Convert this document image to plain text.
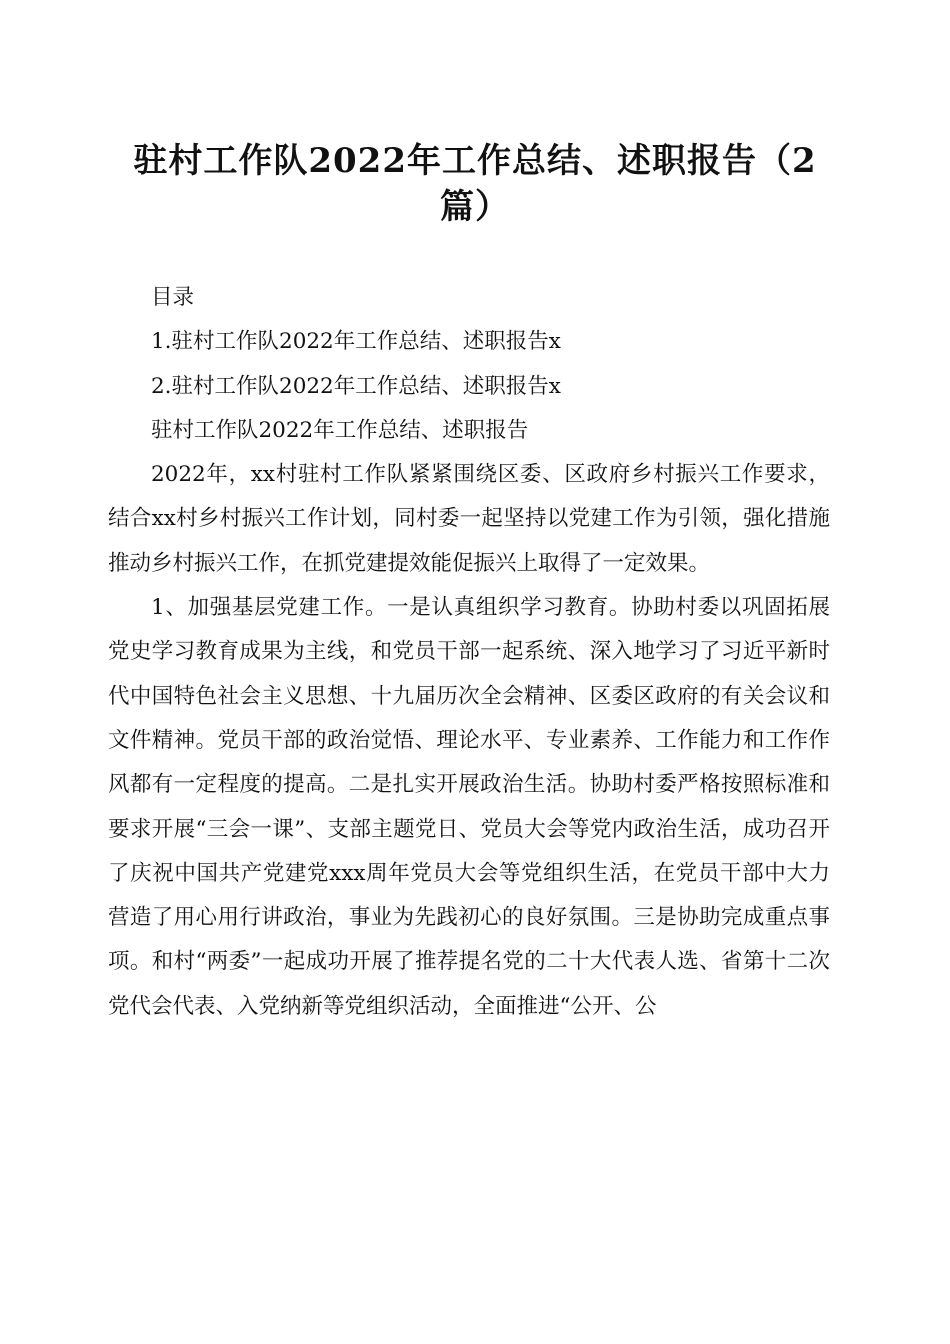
驻村工作队2022年工作总结、述职报告（2篇）

目录

1.驻村工作队2022年工作总结、述职报告x

2.驻村工作队2022年工作总结、述职报告x

驻村工作队2022年工作总结、述职报告

2022年，xx村驻村工作队紧紧围绕区委、区政府乡村振兴工作要求，结合xx村乡村振兴工作计划，同村委一起坚持以党建工作为引领，强化措施推动乡村振兴工作，在抓党建提效能促振兴上取得了一定效果。

1、加强基层党建工作。一是认真组织学习教育。协助村委以巩固拓展党史学习教育成果为主线，和党员干部一起系统、深入地学习了习近平新时代中国特色社会主义思想、十九届历次全会精神、区委区政府的有关会议和文件精神。党员干部的政治觉悟、理论水平、专业素养、工作能力和工作作风都有一定程度的提高。二是扎实开展政治生活。协助村委严格按照标准和要求开展“三会一课”、支部主题党日、党员大会等党内政治生活，成功召开了庆祝中国共产党建党xxx周年党员大会等党组织生活，在党员干部中大力营造了用心用行讲政治，事业为先践初心的良好氛围。三是协助完成重点事项。和村“两委”一起成功开展了推荐提名党的二十大代表人选、省第十二次党代会代表、入党纳新等党组织活动，全面推进“公开、公
